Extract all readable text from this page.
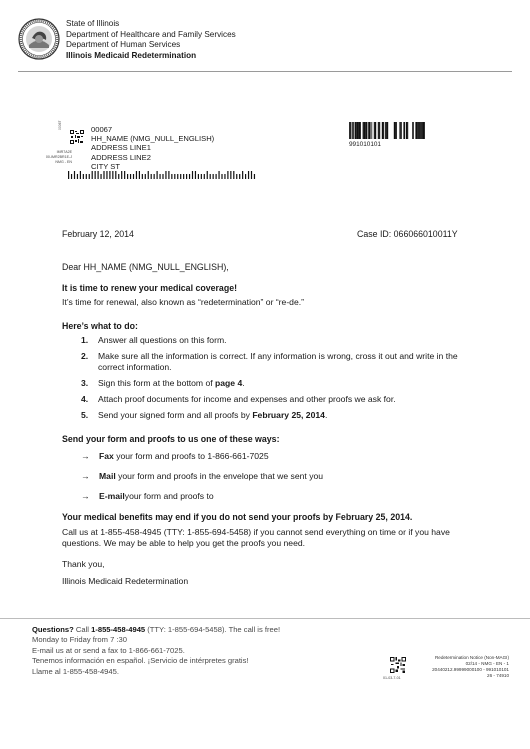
State of Illinois
Department of Healthcare and Family Services
Department of Human Services
Illinois Medicaid Redetermination
00067
IMR7A2E
00-IMR2BR1E-J
NMG - EN
00067
HH_NAME (NMG_NULL_ENGLISH)
ADDRESS LINE1
ADDRESS LINE2
CITY ST
991010101
February 12, 2014	Case ID: 066066010011Y
Dear HH_NAME (NMG_NULL_ENGLISH),
It is time to renew your medical coverage!
It’s time for renewal, also known as “redetermination” or “re-de.”
Here’s what to do:
1.	Answer all questions on this form.
2.	Make sure all the information is correct. If any information is wrong, cross it out and write in the correct information.
3.	Sign this form at the bottom of page 4.
4.	Attach proof documents for income and expenses and other proofs we ask for.
5.	Send your signed form and all proofs by February 25, 2014.
Send your form and proofs to us one of these ways:
→	Fax your form and proofs to 1-866-661-7025
→	Mail your form and proofs in the envelope that we sent you
→	E-mailyour form and proofs to
Your medical benefits may end if you do not send your proofs by February 25, 2014.
Call us at 1-855-458-4945 (TTY: 1-855-694-5458) if you cannot send everything on time or if you have questions. We may be able to help you get the proofs you need.
Thank you,
Illinois Medicaid Redetermination
Questions? Call 1-855-458-4945 (TTY: 1-855-694-5458). The call is free!
Monday to Friday from 7 :30
E-mail us at or send a fax to 1-866-661-7025.
Tenemos información en español. ¡Servicio de intérpretes gratis!
Llame al 1-855-458-4945.
01-03-7-01
Redetermination Notice (Non-MAGI)
02/14 - NMG - EN - 1
20440212.99999000100 - 991010101
26 - 74910
